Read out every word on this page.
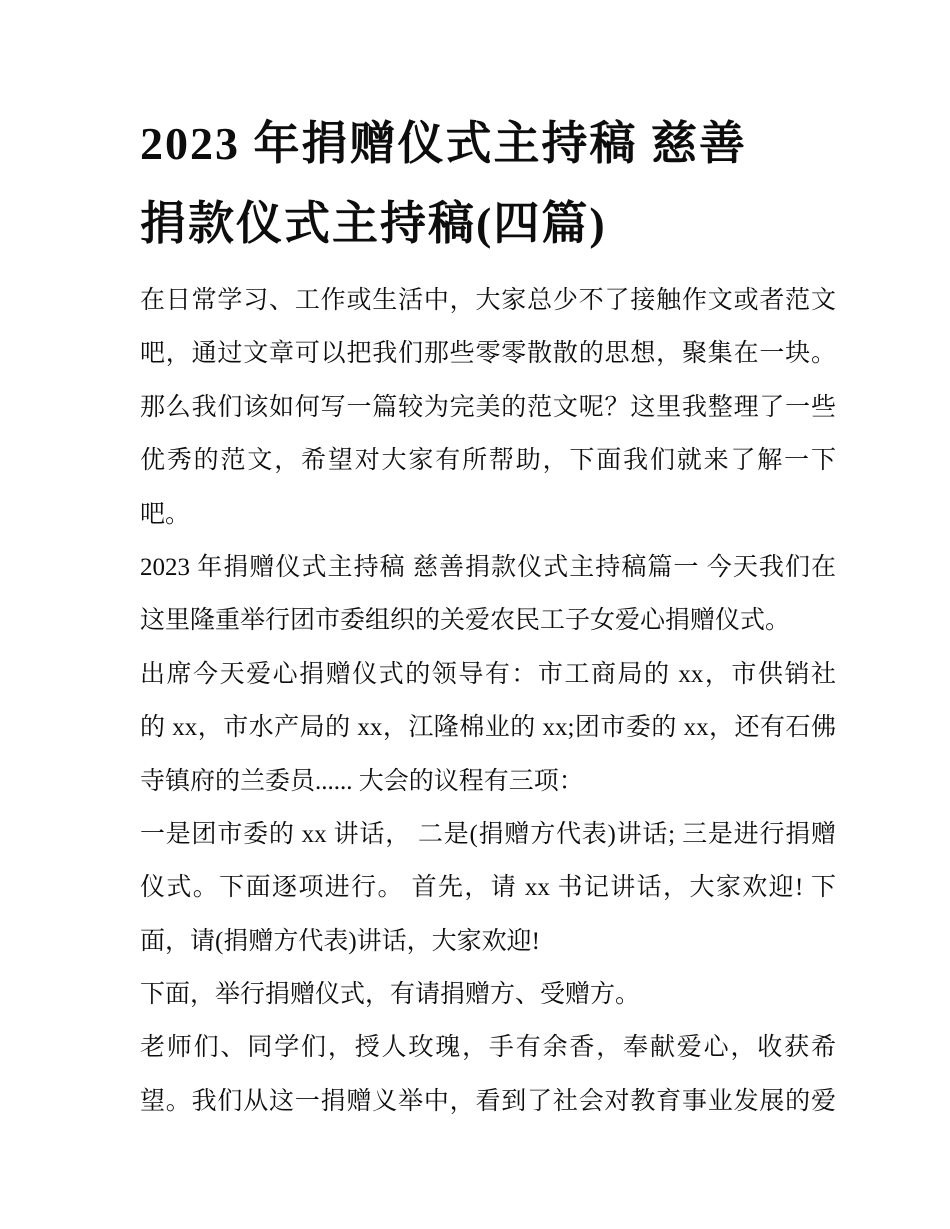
2023 年捐赠仪式主持稿 慈善
捐款仪式主持稿(四篇)
在日常学习、工作或生活中，大家总少不了接触作文或者范文
吧，通过文章可以把我们那些零零散散的思想，聚集在一块。
那么我们该如何写一篇较为完美的范文呢？这里我整理了一些
优秀的范文，希望对大家有所帮助，下面我们就来了解一下
吧。
2023 年捐赠仪式主持稿 慈善捐款仪式主持稿篇一 今天我们在
这里隆重举行团市委组织的关爱农民工子女爱心捐赠仪式。
出席今天爱心捐赠仪式的领导有：市工商局的 xx，市供销社
的 xx，市水产局的 xx，江隆棉业的 xx;团市委的 xx，还有石佛
寺镇府的兰委员...... 大会的议程有三项：
一是团市委的 xx 讲话， 二是(捐赠方代表)讲话; 三是进行捐赠
仪式。下面逐项进行。 首先，请 xx 书记讲话，大家欢迎! 下
面，请(捐赠方代表)讲话，大家欢迎!
下面，举行捐赠仪式，有请捐赠方、受赠方。
老师们、同学们，授人玫瑰，手有余香，奉献爱心，收获希
望。我们从这一捐赠义举中，看到了社会对教育事业发展的爱
